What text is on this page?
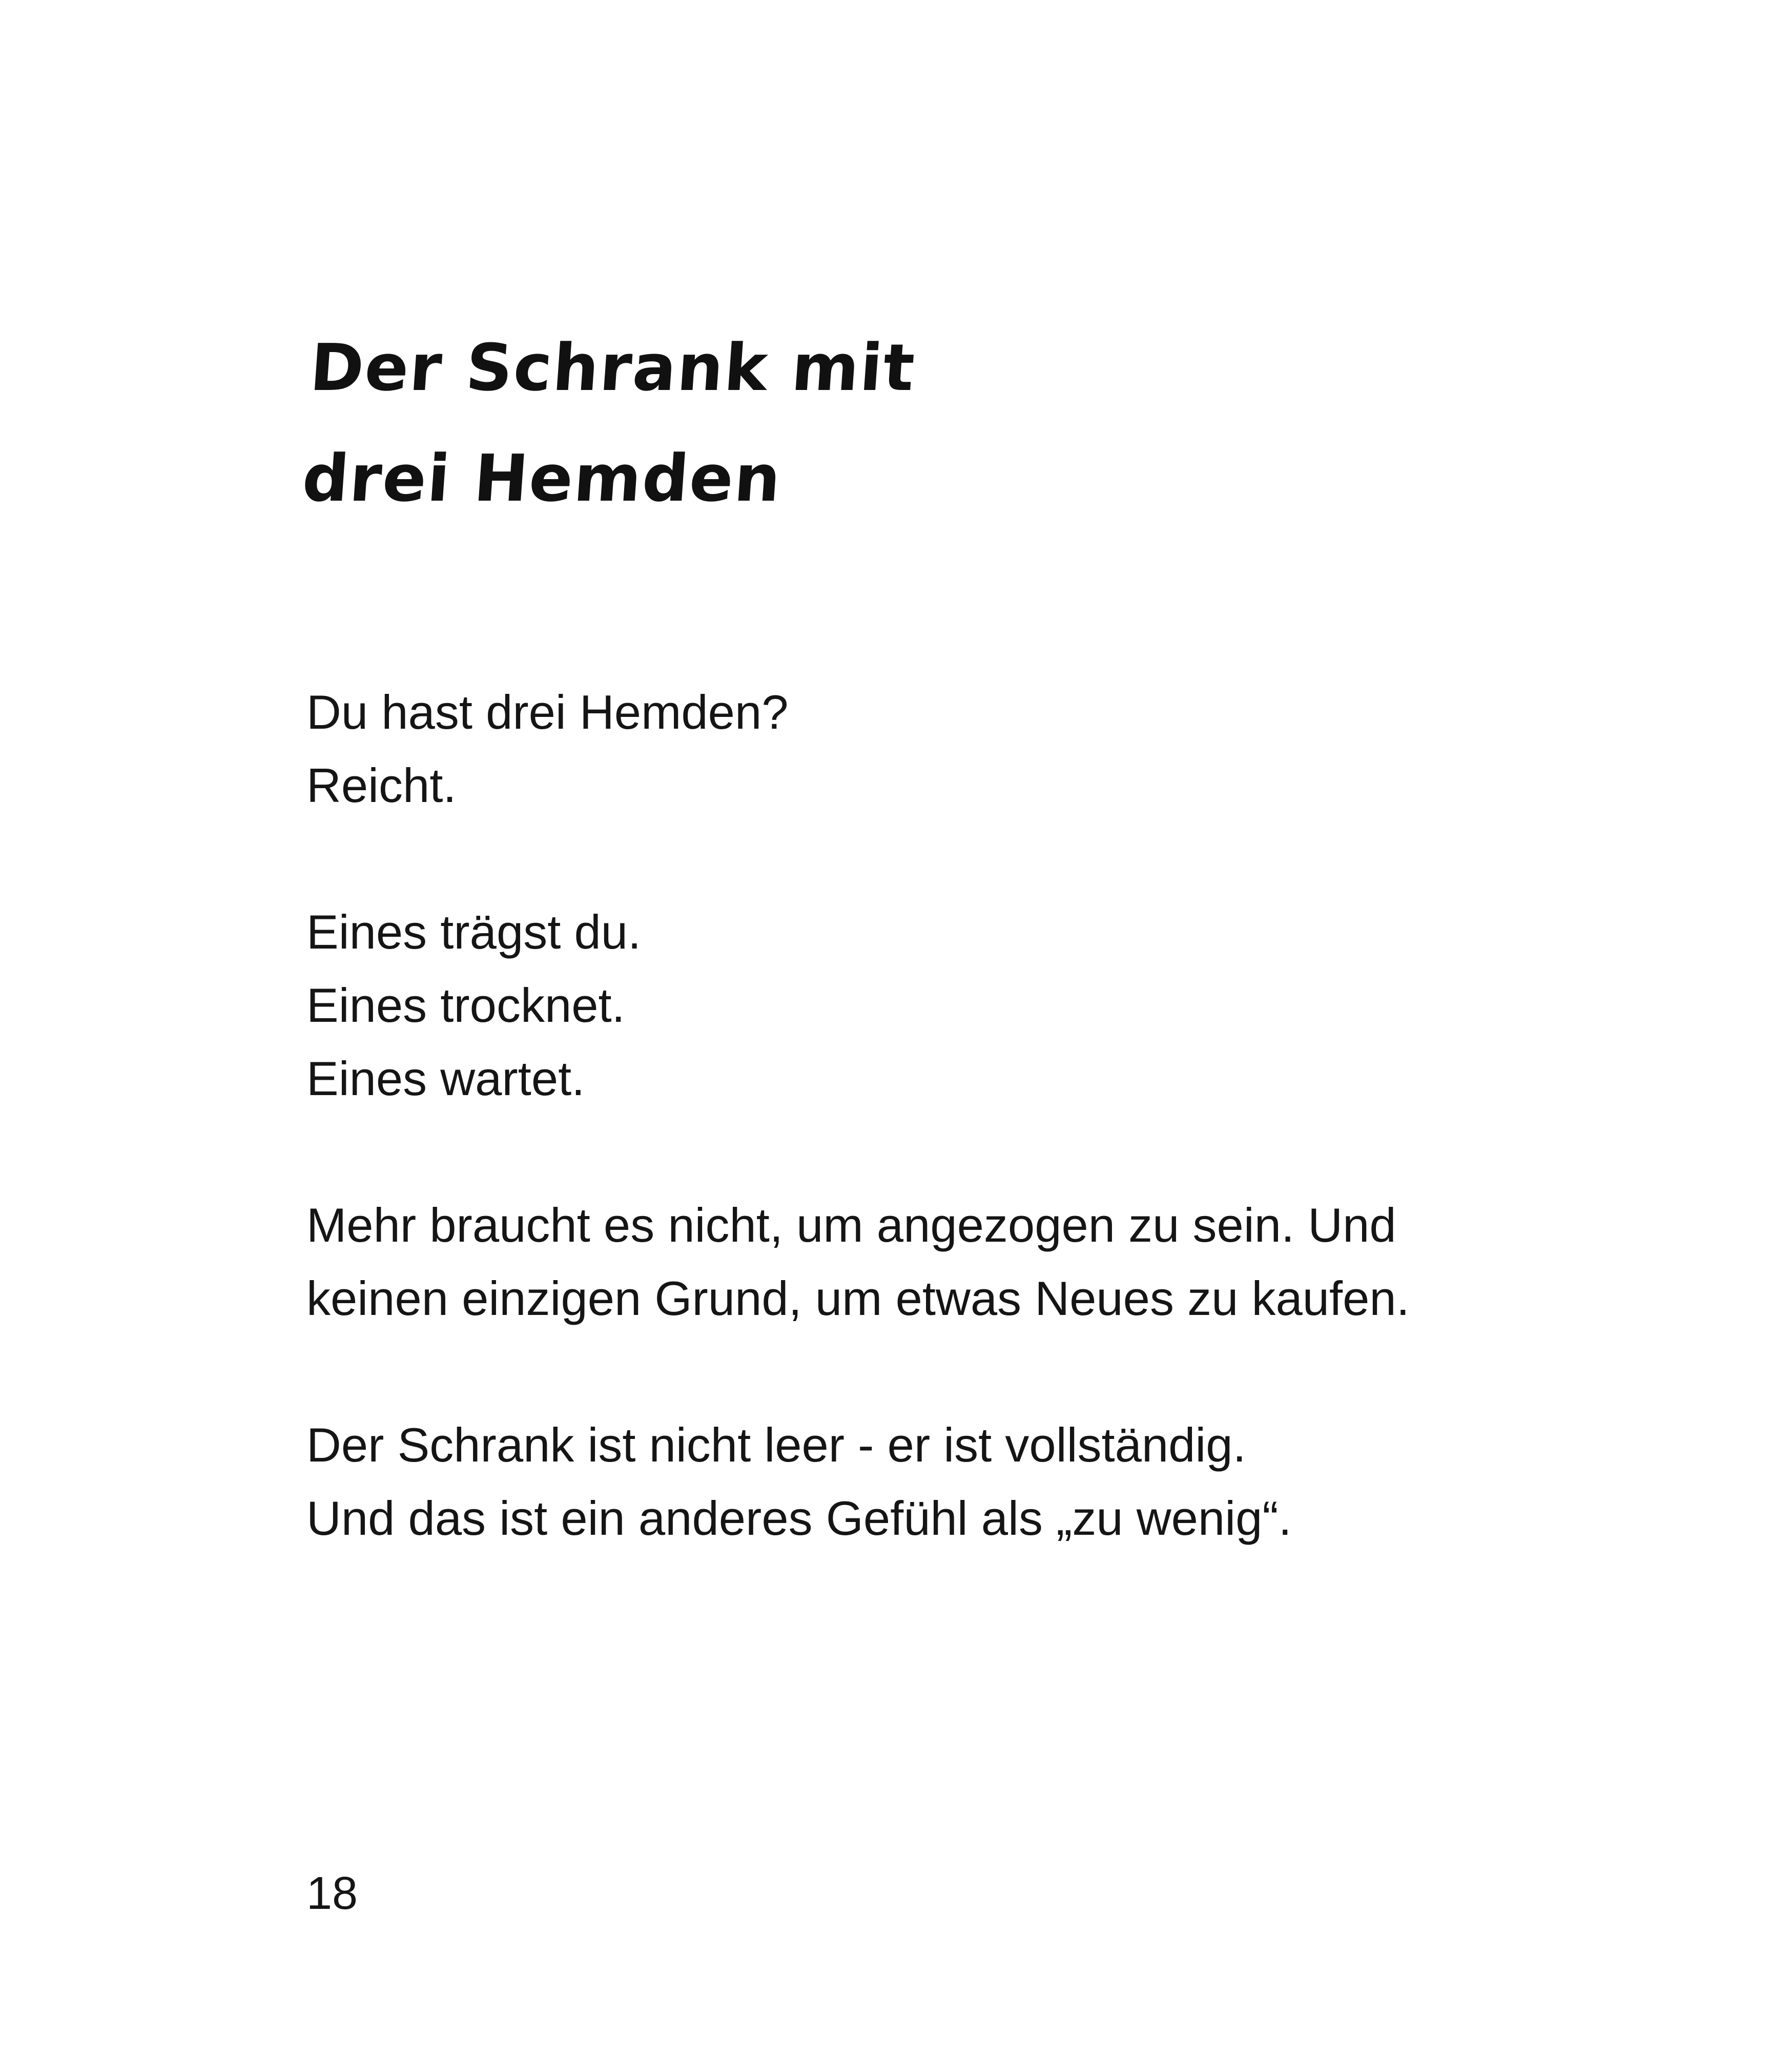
Der Schrank mit
drei Hemden

Du hast drei Hemden?
Reicht.

Eines trägst du.
Eines trocknet.
Eines wartet.

Mehr braucht es nicht, um angezogen zu sein. Und
keinen einzigen Grund, um etwas Neues zu kaufen.

Der Schrank ist nicht leer - er ist vollständig.
Und das ist ein anderes Gefühl als „zu wenig“.

18
